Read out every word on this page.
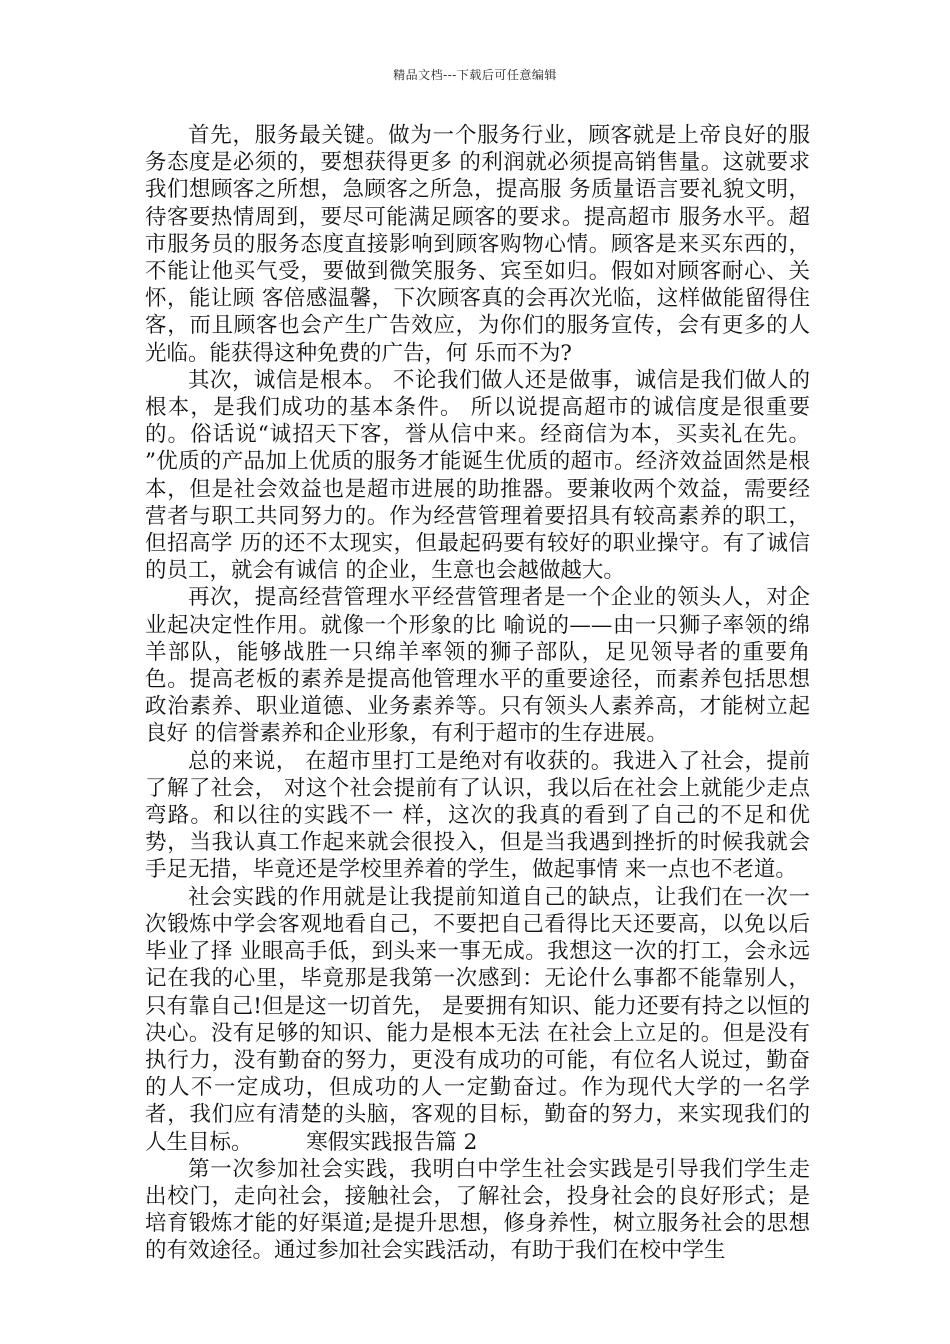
精品文档---下载后可任意编辑

首先，服务最关键。做为一个服务行业，顾客就是上帝良好的服务态度是必须的，要想获得更多 的利润就必须提高销售量。这就要求我们想顾客之所想，急顾客之所急，提高服 务质量语言要礼貌文明，待客要热情周到，要尽可能满足顾客的要求。提高超市 服务水平。超市服务员的服务态度直接影响到顾客购物心情。顾客是来买东西的， 不能让他买气受，要做到微笑服务、宾至如归。假如对顾客耐心、关怀，能让顾 客倍感温馨，下次顾客真的会再次光临，这样做能留得住客，而且顾客也会产生广告效应，为你们的服务宣传，会有更多的人光临。能获得这种免费的广告，何 乐而不为?

其次，诚信是根本。 不论我们做人还是做事，诚信是我们做人的根本，是我们成功的基本条件。 所以说提高超市的诚信度是很重要的。俗话说“诚招天下客，誉从信中来。经商信为本，买卖礼在先。 ”优质的产品加上优质的服务才能诞生优质的超市。经济效益固然是根本，但是社会效益也是超市进展的助推器。要兼收两个效益，需要经营者与职工共同努力的。作为经营管理着要招具有较高素养的职工，但招高学 历的还不太现实，但最起码要有较好的职业操守。有了诚信的员工，就会有诚信 的企业，生意也会越做越大。

再次，提高经营管理水平经营管理者是一个企业的领头人，对企业起决定性作用。就像一个形象的比 喻说的——由一只狮子率领的绵羊部队，能够战胜一只绵羊率领的狮子部队，足见领导者的重要角色。提高老板的素养是提高他管理水平的重要途径，而素养包括思想政治素养、职业道德、业务素养等。只有领头人素养高，才能树立起良好 的信誉素养和企业形象，有利于超市的生存进展。

总的来说， 在超市里打工是绝对有收获的。我进入了社会，提前了解了社会， 对这个社会提前有了认识，我以后在社会上就能少走点弯路。和以往的实践不一 样，这次的我真的看到了自己的不足和优势，当我认真工作起来就会很投入，但是当我遇到挫折的时候我就会手足无措，毕竟还是学校里养着的学生，做起事情 来一点也不老道。

社会实践的作用就是让我提前知道自己的缺点，让我们在一次一次锻炼中学会客观地看自己，不要把自己看得比天还要高，以免以后毕业了择 业眼高手低，到头来一事无成。我想这一次的打工，会永远记在我的心里，毕竟那是我第一次感到：无论什么事都不能靠别人，只有靠自己!但是这一切首先， 是要拥有知识、能力还要有持之以恒的决心。没有足够的知识、能力是根本无法 在社会上立足的。但是没有执行力，没有勤奋的努力，更没有成功的可能，有位名人说过，勤奋的人不一定成功，但成功的人一定勤奋过。作为现代大学的一名学者，我们应有清楚的头脑，客观的目标，勤奋的努力，来实现我们的人生目标。	寒假实践报告篇 2

第一次参加社会实践，我明白中学生社会实践是引导我们学生走出校门，走向社会，接触社会，了解社会，投身社会的良好形式；是培育锻炼才能的好渠道;是提升思想，修身养性，树立服务社会的思想的有效途径。通过参加社会实践活动，有助于我们在校中学生
